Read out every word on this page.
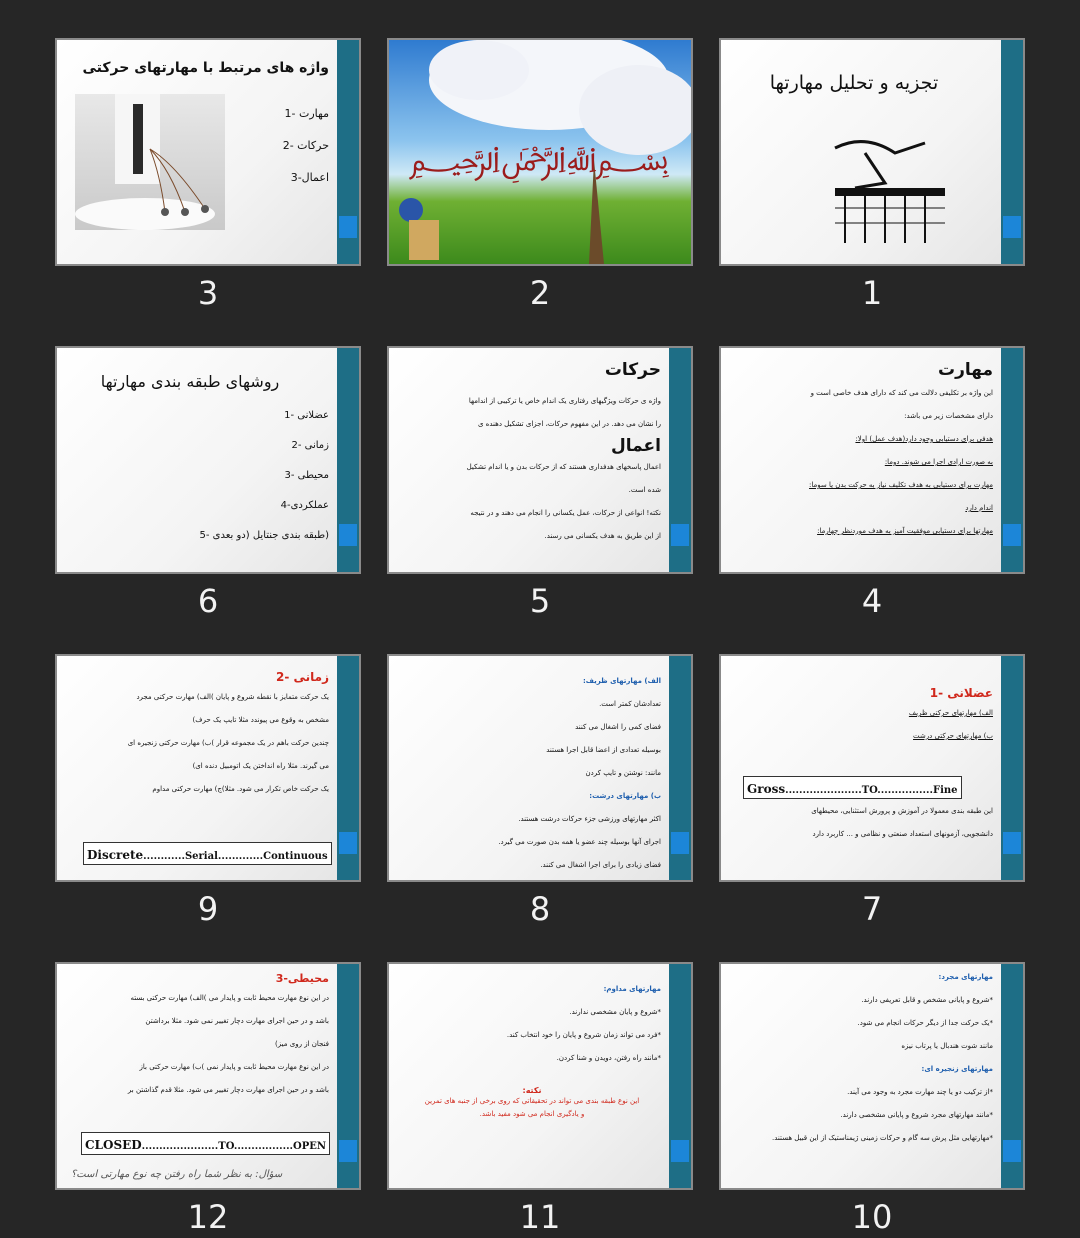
واژه های مرتبط با مهارتهای حرکتی
مهارت -1
حرکات -2
اعمال-3
3
﷽
2
تجزیه و تحلیل مهارتها
1
روشهای طبقه بندی مهارتها
عضلانی -1
زمانی -2
محیطی -3
عملکردی-4
(طبقه بندی جنتایل (دو بعدی -5
6
حرکات
واژه ی حرکات ویژگیهای رفتاری یک اندام خاص یا ترکیبی از اندامها
را نشان می دهد. در این مفهوم حرکات، اجزای تشکیل دهنده ی
اعمال
اعمال پاسخهای هدفداری هستند که از حرکات بدن و یا اندام تشکیل
شده است.
نکته! انواعی از حرکات، عمل یکسانی را انجام می دهند و در نتیجه
از این طریق به هدف یکسانی می رسند.
5
مهارت
این واژه بر تکلیفی دلالت می کند که دارای هدف خاصی است و
دارای مشخصات زیر می باشد:
هدفی برای دستیابی وجود دارد(هدف عمل) اولا:
به صورت ارادی اجرا می شوند. دوما:
مهارت برای دستیابی به هدف تکلیف نیاز به حرکت بدن یا سوما:
اندام دارد
مهارتها برای دستیابی موفقیت آمیز به هدف موردنظر چهارما:
4
زمانی -2
یک حرکت متمایز با نقطه شروع و پایان )الف) مهارت حرکتی مجرد
مشخص به وقوع می پیوندد مثلا تایپ یک حرف)
چندین حرکت باهم در یک مجموعه قرار )ب) مهارت حرکتی زنجیره ای
می گیرند. مثلا راه انداختن یک اتومبیل دنده ای)
یک حرکت خاص تکرار می شود. مثلا)ج) مهارت حرکتی مداوم
Discrete............Serial.............Continuous
9
الف) مهارتهای ظریف:
تعدادشان کمتر است.
فضای کمی را اشغال می کنند
بوسیله تعدادی از اعضا قابل اجرا هستند
مانند: نوشتن و تایپ کردن
ب) مهارتهای درشت:
اکثر مهارتهای ورزشی جزء حرکات درشت هستند.
اجرای آنها بوسیله چند عضو یا همه بدن صورت می گیرد.
فضای زیادی را برای اجرا اشغال می کنند.
8
عضلانی -1
الف) مهارتهای حرکتی ظریف
ب) مهارتهای حرکتی درشت
Gross......................TO................Fine
این طبقه بندی معمولا در آموزش و پرورش استثنایی، محیطهای
دانشجویی، آزمونهای استعداد صنعتی و نظامی و ... کاربرد دارد
7
محیطی-3
در این نوع مهارت محیط ثابت و پایدار می )الف) مهارت حرکتی بسته
باشد و در حین اجرای مهارت دچار تغییر نمی شود. مثلا برداشتن
فنجان از روی میز)
در این نوع مهارت محیط ثابت و پایدار نمی )ب) مهارت حرکتی باز
باشد و در حین اجرای مهارت دچار تغییر می شود. مثلا قدم گذاشتن بر
CLOSED......................TO.................OPEN
سؤال: به نظر شما راه رفتن چه نوع مهارتی است؟
12
مهارتهای مداوم:
*شروع و پایان مشخصی ندارند.
*فرد می تواند زمان شروع و پایان را خود انتخاب کند.
*مانند راه رفتن، دویدن و شنا کردن.
نکته:
این نوع طبقه بندی می تواند در تحقیقاتی که روی برخی از جنبه های تمرین
و یادگیری انجام می شود مفید باشد.
11
مهارتهای مجرد:
*شروع و پایانی مشخص و قابل تعریفی دارند.
*یک حرکت جدا از دیگر حرکات انجام می شود.
مانند شوت هندبال یا پرتاب نیزه
مهارتهای زنجیره ای:
*از ترکیب دو یا چند مهارت مجرد به وجود می آیند.
*مانند مهارتهای مجرد شروع و پایانی مشخصی دارند.
*مهارتهایی مثل پرش سه گام و حرکات زمینی ژیمناستیک از این قبیل هستند.
10
